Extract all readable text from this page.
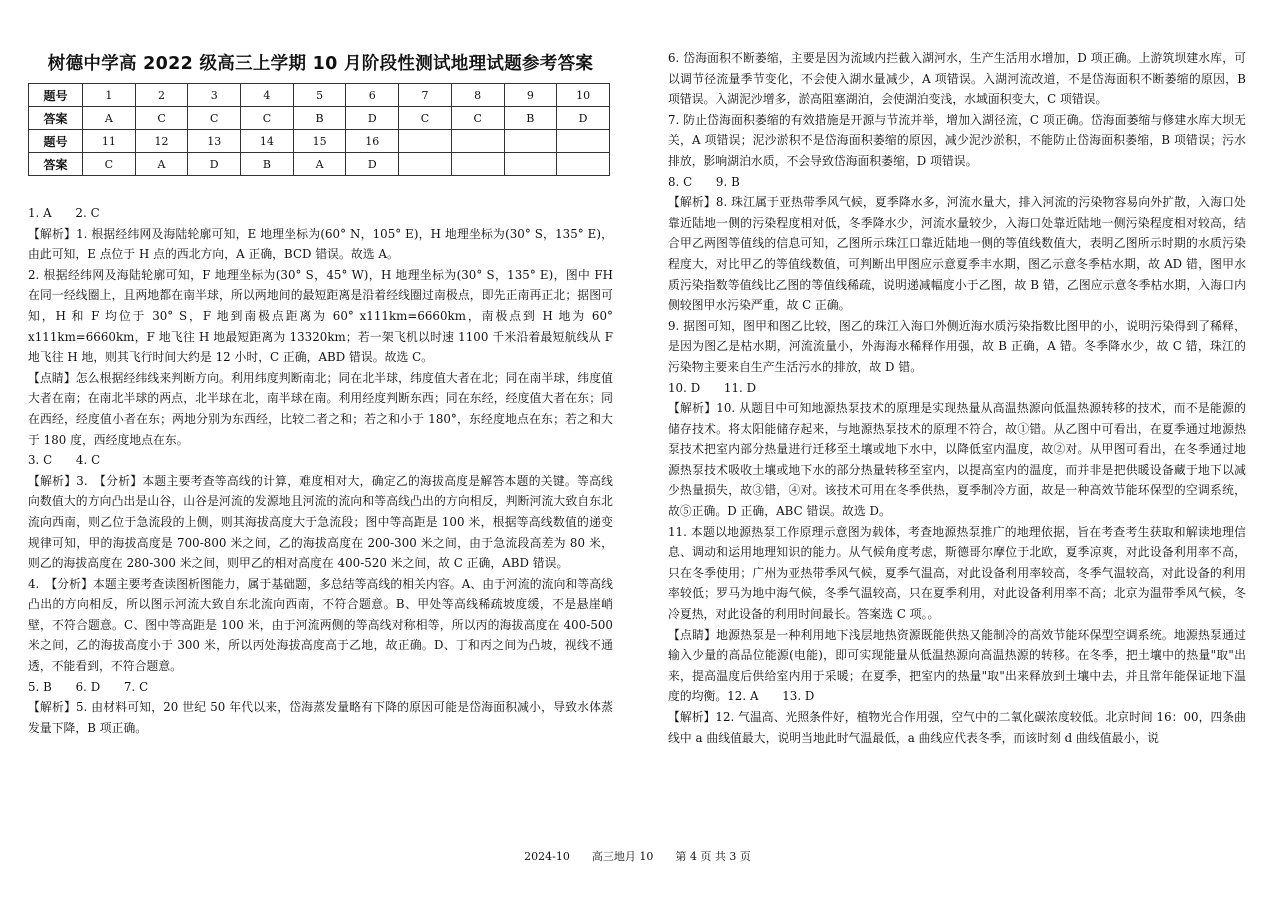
树德中学高 2022 级高三上学期 10 月阶段性测试地理试题参考答案
题号	1	2	3	4	5	6	7	8	9	10
答案	A	C	C	C	B	D	C	C	B	D
题号	11	12	13	14	15	16				
答案	C	A	D	B	A	D				

1. A　　2. C

【解析】1. 根据经纬网及海陆轮廓可知，E 地理坐标为(60° N，105° E)，H 地理坐标为(30° S，135° E)，由此可知，E 点位于 H 点的西北方向，A 正确，BCD 错误。故选 A。

2. 根据经纬网及海陆轮廓可知，F 地理坐标为(30° S，45° W)，H 地理坐标为(30° S，135° E)，图中 FH 在同一经线圈上，且两地都在南半球，所以两地间的最短距离是沿着经线圈过南极点，即先正南再正北；据图可知，H 和 F 均位于 30° S，F 地到南极点距离为 60° x111km=6660km，南极点到 H 地为 60° x111km=6660km，F 地飞往 H 地最短距离为 13320km；若一架飞机以时速 1100 千米沿着最短航线从 F 地飞往 H 地，则其飞行时间大约是 12 小时，C 正确，ABD 错误。故选 C。

【点睛】怎么根据经纬线来判断方向。利用纬度判断南北；同在北半球，纬度值大者在北；同在南半球，纬度值大者在南；在南北半球的两点，北半球在北，南半球在南。利用经度判断东西；同在东经，经度值大者在东；同在西经，经度值小者在东；两地分别为东西经，比较二者之和；若之和小于 180°，东经度地点在东；若之和大于 180 度，西经度地点在东。

3. C　　4. C

【解析】3.　【分析】本题主要考查等高线的计算，难度相对大，确定乙的海拔高度是解答本题的关键。等高线向数值大的方向凸出是山谷，山谷是河流的发源地且河流的流向和等高线凸出的方向相反，判断河流大致自东北流向西南，则乙位于急流段的上侧，则其海拔高度大于急流段；图中等高距是 100 米，根据等高线数值的递变规律可知，甲的海拔高度是 700-800 米之间，乙的海拔高度在 200-300 米之间，由于急流段高差为 80 米，则乙的海拔高度在 280-300 米之间，则甲乙的相对高度在 400-520 米之间，故 C 正确，ABD 错误。

4.　【分析】本题主要考查读图析图能力，属于基础题，多总结等高线的相关内容。A、由于河流的流向和等高线凸出的方向相反，所以图示河流大致自东北流向西南，不符合题意。B、甲处等高线稀疏坡度缓，不是悬崖峭壁，不符合题意。C、图中等高距是 100 米，由于河流两侧的等高线对称相等，所以丙的海拔高度在 400-500 米之间，乙的海拔高度小于 300 米，所以丙处海拔高度高于乙地，故正确。D、丁和丙之间为凸坡，视线不通透，不能看到，不符合题意。

5. B　　6. D　　7. C

【解析】5. 由材料可知，20 世纪 50 年代以来，岱海蒸发量略有下降的原因可能是岱海面积减小，导致水体蒸发量下降，B 项正确。

6. 岱海面积不断萎缩，主要是因为流域内拦截入湖河水，生产生活用水增加，D 项正确。上游筑坝建水库，可以调节径流量季节变化，不会使入湖水量减少，A 项错误。入湖河流改道，不是岱海面积不断萎缩的原因，B 项错误。入湖泥沙增多，淤高阻塞湖泊，会使湖泊变浅，水域面积变大，C 项错误。

7. 防止岱海面积萎缩的有效措施是开源与节流并举，增加入湖径流，C 项正确。岱海面萎缩与修建水库大坝无关，A 项错误；泥沙淤积不是岱海面积萎缩的原因，减少泥沙淤积，不能防止岱海面积萎缩，B 项错误；污水排放，影响湖泊水质，不会导致岱海面积萎缩，D 项错误。

8. C　　9. B

【解析】8. 珠江属于亚热带季风气候，夏季降水多，河流水量大，排入河流的污染物容易向外扩散，入海口处靠近陆地一侧的污染程度相对低，冬季降水少，河流水量较少，入海口处靠近陆地一侧污染程度相对较高，结合甲乙两图等值线的信息可知，乙图所示珠江口靠近陆地一侧的等值线数值大，表明乙图所示时期的水质污染程度大，对比甲乙的等值线数值，可判断出甲图应示意夏季丰水期，图乙示意冬季枯水期，故 AD 错，图甲水质污染指数等值线比乙图的等值线稀疏，说明递减幅度小于乙图，故 B 错，乙图应示意冬季枯水期，入海口内侧较图甲水污染严重，故 C 正确。

9. 据图可知，图甲和图乙比较，图乙的珠江入海口外侧近海水质污染指数比图甲的小，说明污染得到了稀释，是因为图乙是枯水期，河流流量小，外海海水稀释作用强，故 B 正确，A 错。冬季降水少，故 C 错，珠江的污染物主要来自生产生活污水的排放，故 D 错。

10. D　　11. D

【解析】10. 从题目中可知地源热泵技术的原理是实现热量从高温热源向低温热源转移的技术，而不是能源的储存技术。将太阳能储存起来，与地源热泵技术的原理不符合，故①错。从乙图中可看出，在夏季通过地源热泵技术把室内部分热量进行迁移至土壤或地下水中，以降低室内温度，故②对。从甲图可看出，在冬季通过地源热泵技术吸收土壤或地下水的部分热量转移至室内，以提高室内的温度，而并非是把供暖设备藏于地下以减少热量损失，故③错，④对。该技术可用在冬季供热，夏季制冷方面，故是一种高效节能环保型的空调系统，故⑤正确。D 正确，ABC 错误。故选 D。

11. 本题以地源热泵工作原理示意图为载体，考查地源热泵推广的地理依据，旨在考查考生获取和解读地理信息、调动和运用地理知识的能力。从气候角度考虑，斯德哥尔摩位于北欧，夏季凉爽，对此设备利用率不高，只在冬季使用；广州为亚热带季风气候，夏季气温高，对此设备利用率较高，冬季气温较高，对此设备的利用率较低；罗马为地中海气候，冬季气温较高，只在夏季利用，对此设备利用率不高；北京为温带季风气候，冬冷夏热，对此设备的利用时间最长。答案选 C 项。。

【点睛】地源热泵是一种利用地下浅层地热资源既能供热又能制冷的高效节能环保型空调系统。地源热泵通过输入少量的高品位能源(电能)，即可实现能量从低温热源向高温热源的转移。在冬季，把土壤中的热量"取"出来，提高温度后供给室内用于采暖；在夏季，把室内的热量"取"出来释放到土壤中去，并且常年能保证地下温度的均衡。12. A　　13. D

【解析】12. 气温高、光照条件好，植物光合作用强，空气中的二氧化碳浓度较低。北京时间 16：00，四条曲线中 a 曲线值最大，说明当地此时气温最低，a 曲线应代表冬季，而该时刻 d 曲线值最小，说

2024-10　　高三地月 10　　第 4 页 共 3 页
